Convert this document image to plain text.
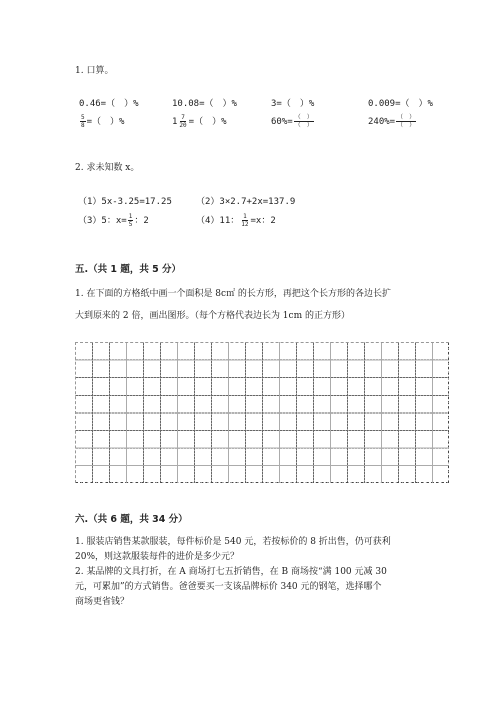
1. 口算。
0.46=（　）%	10.08=（　）%	3=（　）%	0.009=（　）%
$\frac{5}{8}$ =（　）%	$1 \frac{7}{20}$ =（　）%	$60\%= \frac{( )}{( )}$	$240\%= \frac{( )}{( )}$
2. 求未知数 x。
（1）5x-3.25=17.25	（2）3×2.7+2x=137.9
（3）5：$x= \frac{1}{5}$ ：2	（4）11： $\frac{1}{12} =x$：2
五.（共 1 题，共 5 分）
1. 在下面的方格纸中画一个面积是 8c㎡ 的长方形，再把这个长方形的各边长扩
大到原来的 2 倍，画出图形。（每个方格代表边长为 1cm 的正方形）
六.（共 6 题，共 34 分）
1. 服装店销售某款服装，每件标价是 540 元，若按标价的 8 折出售，仍可获利
20%，则这款服装每件的进价是多少元？
2. 某品牌的文具打折，在 A 商场打七五折销售，在 B 商场按“满 100 元减 30
元，可累加”的方式销售。爸爸要买一支该品牌标价 340 元的钢笔，选择哪个
商场更省钱？
